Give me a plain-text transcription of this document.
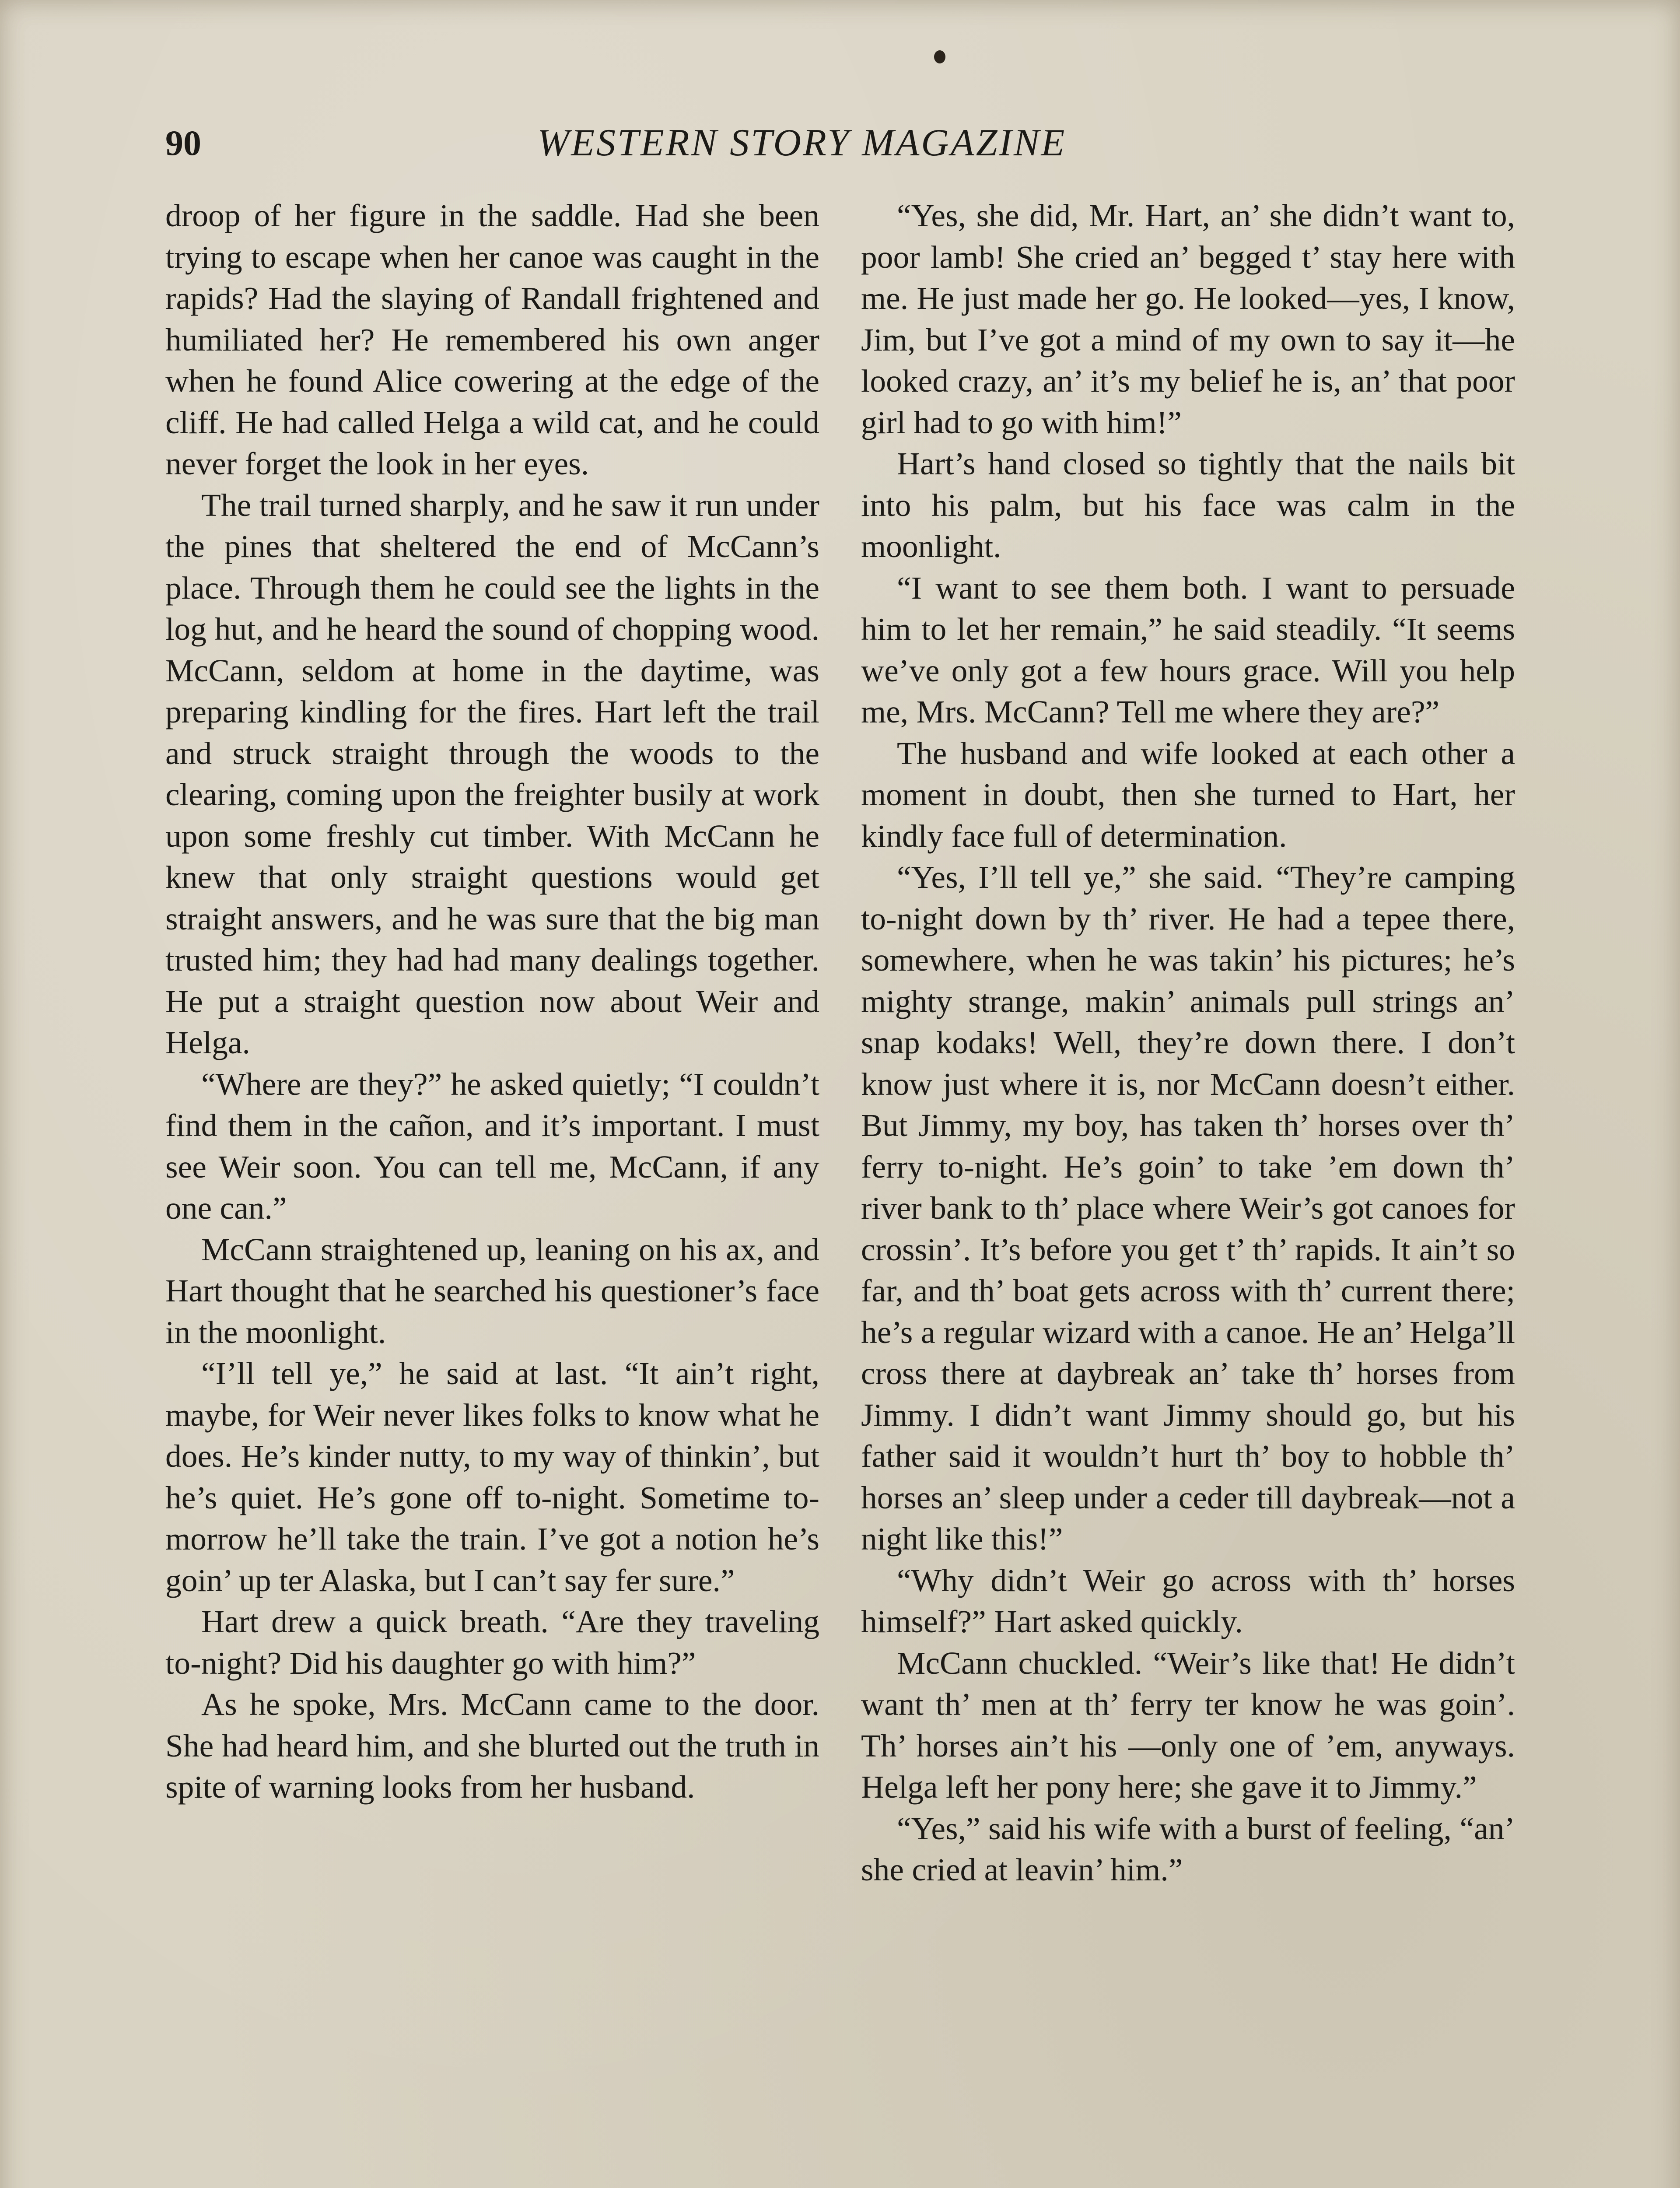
90	WESTERN STORY MAGAZINE

droop of her figure in the saddle. Had she been trying to escape when her canoe was caught in the rapids? Had the slaying of Randall frightened and humiliated her? He remembered his own anger when he found Alice cowering at the edge of the cliff. He had called Helga a wild cat, and he could never forget the look in her eyes.

The trail turned sharply, and he saw it run under the pines that sheltered the end of McCann’s place. Through them he could see the lights in the log hut, and he heard the sound of chopping wood. McCann, seldom at home in the daytime, was preparing kindling for the fires. Hart left the trail and struck straight through the woods to the clearing, coming upon the freighter busily at work upon some freshly cut timber. With McCann he knew that only straight questions would get straight answers, and he was sure that the big man trusted him; they had had many dealings together. He put a straight question now about Weir and Helga.

“Where are they?” he asked quietly; “I couldn’t find them in the cañon, and it’s important. I must see Weir soon. You can tell me, McCann, if any one can.”

McCann straightened up, leaning on his ax, and Hart thought that he searched his questioner’s face in the moonlight.

“I’ll tell ye,” he said at last. “It ain’t right, maybe, for Weir never likes folks to know what he does. He’s kinder nutty, to my way of thinkin’, but he’s quiet. He’s gone off to-night. Sometime to-morrow he’ll take the train. I’ve got a notion he’s goin’ up ter Alaska, but I can’t say fer sure.”

Hart drew a quick breath. “Are they traveling to-night? Did his daughter go with him?”

As he spoke, Mrs. McCann came to the door. She had heard him, and she blurted out the truth in spite of warning looks from her husband.

“Yes, she did, Mr. Hart, an’ she didn’t want to, poor lamb! She cried an’ begged t’ stay here with me. He just made her go. He looked—yes, I know, Jim, but I’ve got a mind of my own to say it—he looked crazy, an’ it’s my belief he is, an’ that poor girl had to go with him!”

Hart’s hand closed so tightly that the nails bit into his palm, but his face was calm in the moonlight.

“I want to see them both. I want to persuade him to let her remain,” he said steadily. “It seems we’ve only got a few hours grace. Will you help me, Mrs. McCann? Tell me where they are?”

The husband and wife looked at each other a moment in doubt, then she turned to Hart, her kindly face full of determination.

“Yes, I’ll tell ye,” she said. “They’re camping to-night down by th’ river. He had a tepee there, somewhere, when he was takin’ his pictures; he’s mighty strange, makin’ animals pull strings an’ snap kodaks! Well, they’re down there. I don’t know just where it is, nor McCann doesn’t either. But Jimmy, my boy, has taken th’ horses over th’ ferry to-night. He’s goin’ to take ’em down th’ river bank to th’ place where Weir’s got canoes for crossin’. It’s before you get t’ th’ rapids. It ain’t so far, and th’ boat gets across with th’ current there; he’s a regular wizard with a canoe. He an’ Helga’ll cross there at daybreak an’ take th’ horses from Jimmy. I didn’t want Jimmy should go, but his father said it wouldn’t hurt th’ boy to hobble th’ horses an’ sleep under a ceder till daybreak—not a night like this!”

“Why didn’t Weir go across with th’ horses himself?” Hart asked quickly.

McCann chuckled. “Weir’s like that! He didn’t want th’ men at th’ ferry ter know he was goin’. Th’ horses ain’t his —only one of ’em, anyways. Helga left her pony here; she gave it to Jimmy.”

“Yes,” said his wife with a burst of feeling, “an’ she cried at leavin’ him.”
